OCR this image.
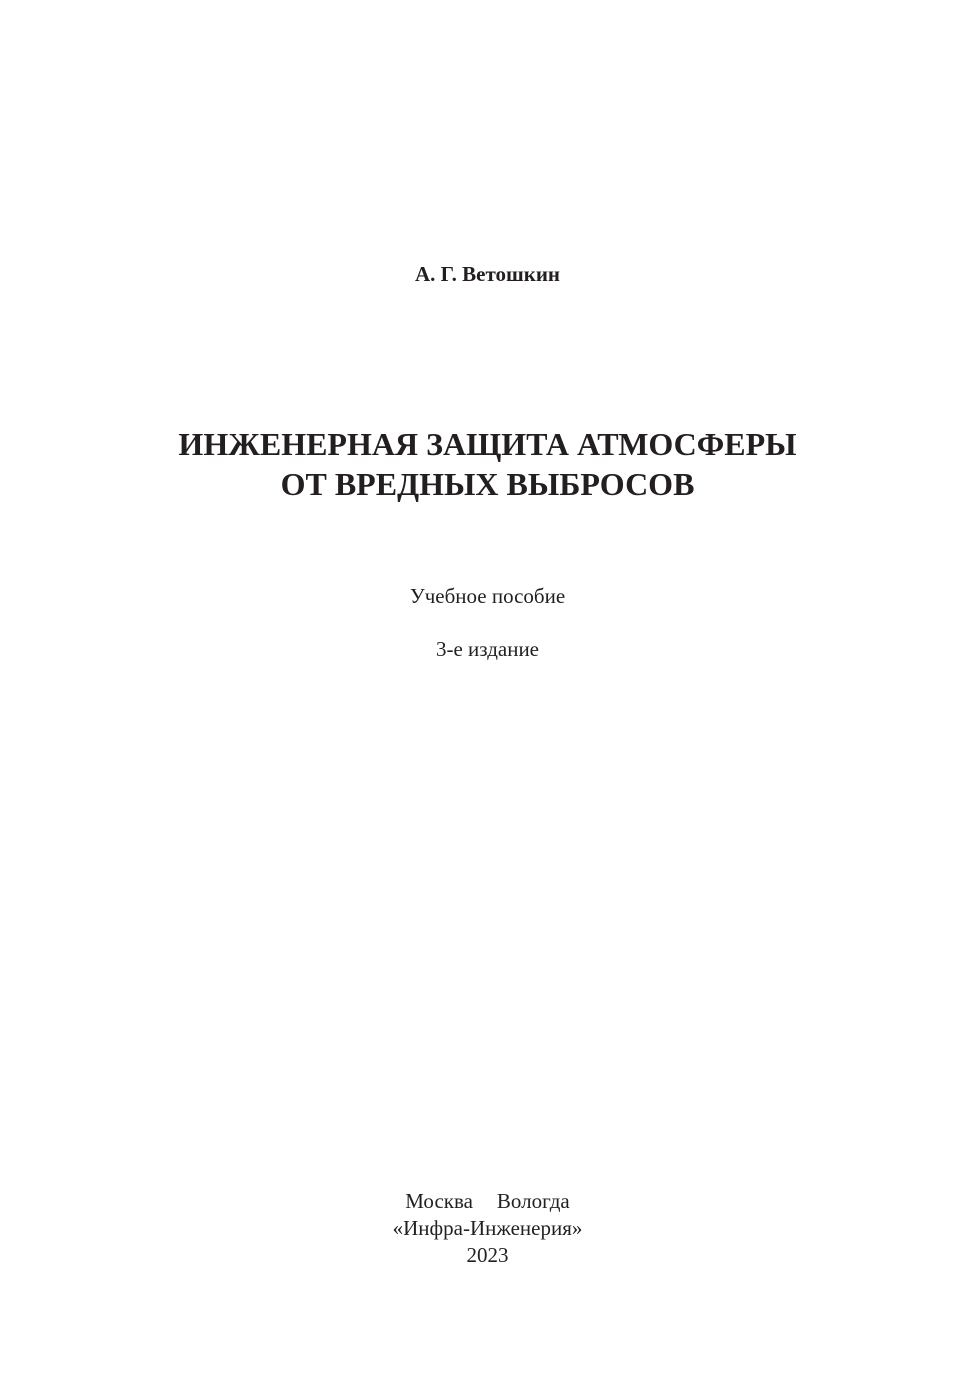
А. Г. Ветошкин
ИНЖЕНЕРНАЯ ЗАЩИТА АТМОСФЕРЫ
ОТ ВРЕДНЫХ ВЫБРОСОВ
Учебное пособие
3-е издание
Москва Вологда
«Инфра-Инженерия»
2023
